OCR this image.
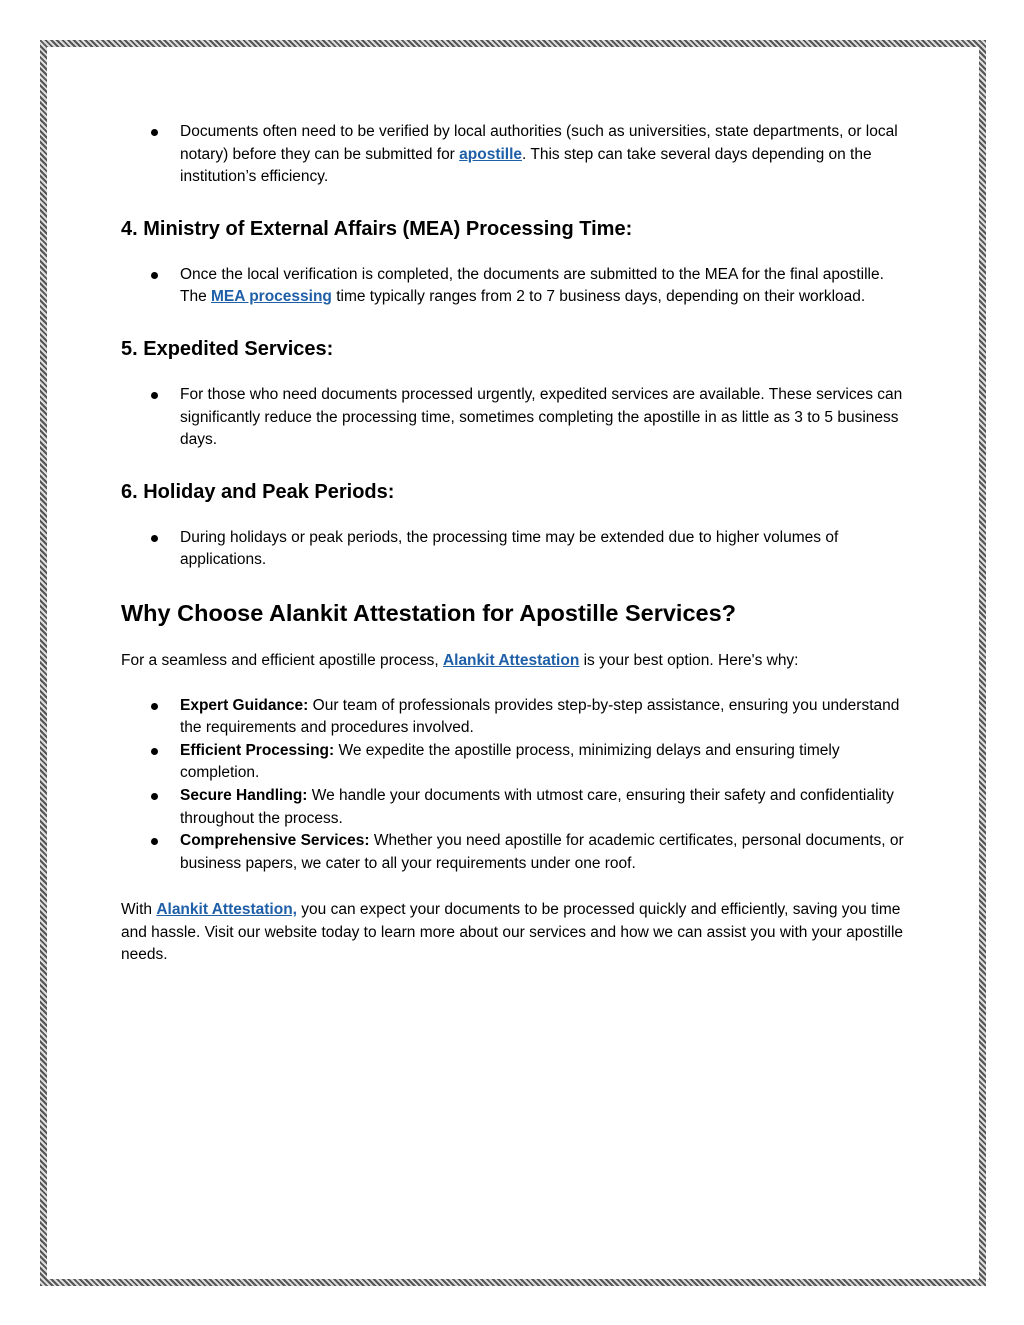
Documents often need to be verified by local authorities (such as universities, state departments, or local notary) before they can be submitted for apostille. This step can take several days depending on the institution’s efficiency.
4. Ministry of External Affairs (MEA) Processing Time:
Once the local verification is completed, the documents are submitted to the MEA for the final apostille. The MEA processing time typically ranges from 2 to 7 business days, depending on their workload.
5. Expedited Services:
For those who need documents processed urgently, expedited services are available. These services can significantly reduce the processing time, sometimes completing the apostille in as little as 3 to 5 business days.
6. Holiday and Peak Periods:
During holidays or peak periods, the processing time may be extended due to higher volumes of applications.
Why Choose Alankit Attestation for Apostille Services?

For a seamless and efficient apostille process, Alankit Attestation is your best option. Here's why:

Expert Guidance: Our team of professionals provides step-by-step assistance, ensuring you understand the requirements and procedures involved.
Efficient Processing: We expedite the apostille process, minimizing delays and ensuring timely completion.
Secure Handling: We handle your documents with utmost care, ensuring their safety and confidentiality throughout the process.
Comprehensive Services: Whether you need apostille for academic certificates, personal documents, or business papers, we cater to all your requirements under one roof.

With Alankit Attestation, you can expect your documents to be processed quickly and efficiently, saving you time and hassle. Visit our website today to learn more about our services and how we can assist you with your apostille needs.
